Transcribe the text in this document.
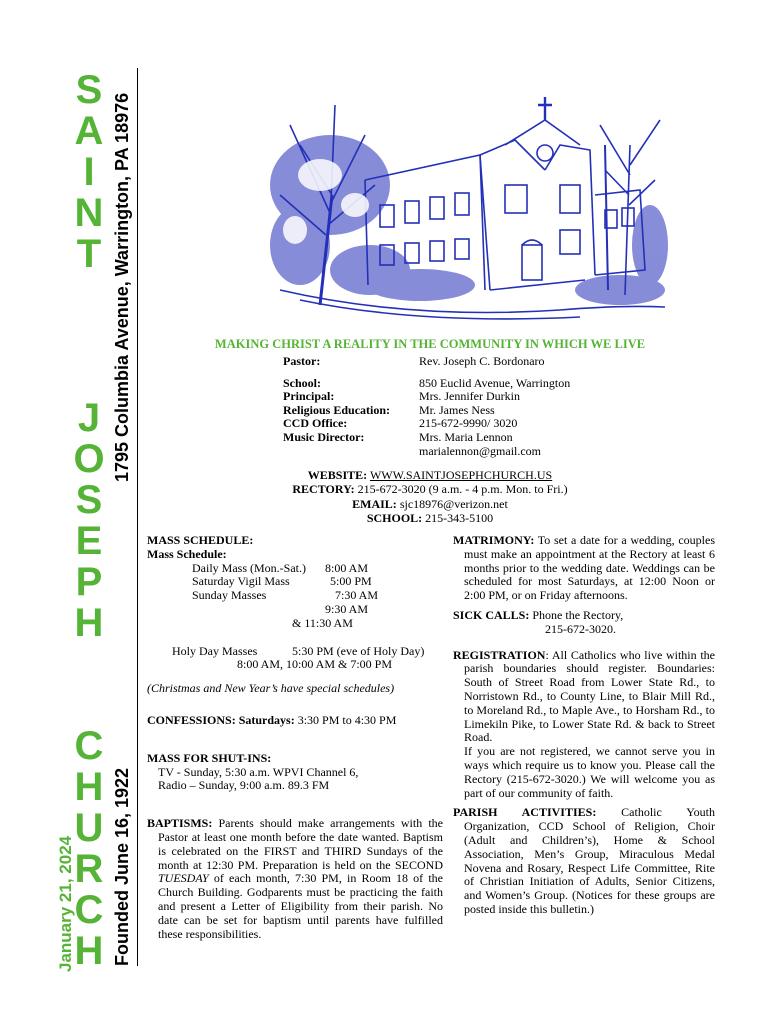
S
A
I
N
T
J
O
S
E
P
H
C
H
U
R
C
H
1795 Columbia Avenue, Warrington, PA 18976
Founded June 16, 1922
January 21, 2024
MAKING CHRIST A REALITY IN THE COMMUNITY IN WHICH WE LIVE
Pastor:	Rev. Joseph C. Bordonaro
School:	850 Euclid Avenue, Warrington
Principal:	Mrs. Jennifer Durkin
Religious Education:	Mr. James Ness
CCD Office:	215-672-9990/ 3020
Music Director:	Mrs. Maria Lennon
marialennon@gmail.com
WEBSITE: WWW.SAINTJOSEPHCHURCH.US
RECTORY: 215-672-3020 (9 a.m. - 4 p.m. Mon. to Fri.)
EMAIL: sjc18976@verizon.net
SCHOOL: 215-343-5100

MASS SCHEDULE:

Mass Schedule:

Daily Mass (Mon.-Sat.)	8:00 AM
Saturday Vigil Mass	5:00 PM
Sunday Masses	7:30 AM
9:30 AM
& 11:30 AM
Holy Day Masses	5:30 PM (eve of Holy Day)
8:00 AM, 10:00 AM & 7:00 PM

(Christmas and New Year’s have special schedules)

CONFESSIONS: Saturdays: 3:30 PM to 4:30 PM

MASS FOR SHUT-INS:

TV - Sunday, 5:30 a.m. WPVI Channel 6,

Radio – Sunday, 9:00 a.m. 89.3 FM

BAPTISMS: Parents should make arrangements with the Pastor at least one month before the date wanted. Baptism is celebrated on the FIRST and THIRD Sundays of the month at 12:30 PM. Preparation is held on the SECOND TUESDAY of each month, 7:30 PM, in Room 18 of the Church Building. Godparents must be practicing the faith and present a Letter of Eligibility from their parish. No date can be set for baptism until parents have fulfilled these responsibilities.

MATRIMONY: To set a date for a wedding, couples must make an appointment at the Rectory at least 6 months prior to the wedding date. Weddings can be scheduled for most Saturdays, at 12:00 Noon or 2:00 PM, or on Friday afternoons.

SICK CALLS: Phone the Rectory,

215-672-3020.

REGISTRATION: All Catholics who live within the parish boundaries should register. Boundaries: South of Street Road from Lower State Rd., to Norristown Rd., to County Line, to Blair Mill Rd., to Moreland Rd., to Maple Ave., to Horsham Rd., to Limekiln Pike, to Lower State Rd. & back to Street Road.

If you are not registered, we cannot serve you in ways which require us to know you. Please call the Rectory (215-672-3020.) We will welcome you as part of our community of faith.

PARISH ACTIVITIES: Catholic Youth Organization, CCD School of Religion, Choir (Adult and Children’s), Home & School Association, Men’s Group, Miraculous Medal Novena and Rosary, Respect Life Committee, Rite of Christian Initiation of Adults, Senior Citizens, and Women’s Group. (Notices for these groups are posted inside this bulletin.)
